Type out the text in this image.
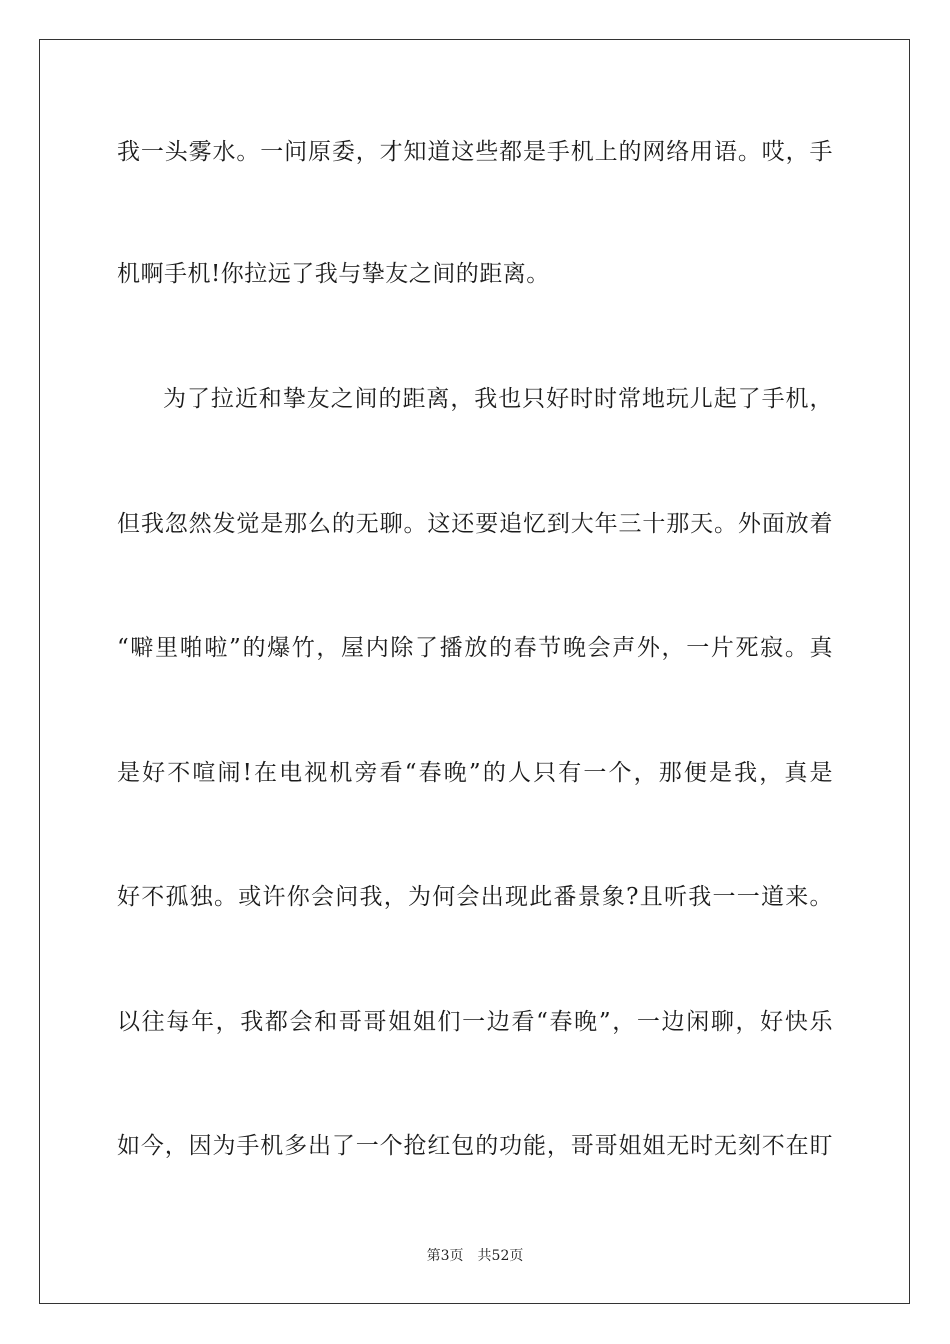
我一头雾水。一问原委，才知道这些都是手机上的网络用语。哎，手
机啊手机!你拉远了我与挚友之间的距离。
为了拉近和挚友之间的距离，我也只好时时常地玩儿起了手机，
但我忽然发觉是那么的无聊。这还要追忆到大年三十那天。外面放着
“噼里啪啦”的爆竹，屋内除了播放的春节晚会声外，一片死寂。真
是好不喧闹!在电视机旁看“春晚”的人只有一个，那便是我，真是
好不孤独。或许你会问我，为何会出现此番景象?且听我一一道来。
以往每年，我都会和哥哥姐姐们一边看“春晚”，一边闲聊，好快乐
如今，因为手机多出了一个抢红包的功能，哥哥姐姐无时无刻不在盯
第3页 共52页
